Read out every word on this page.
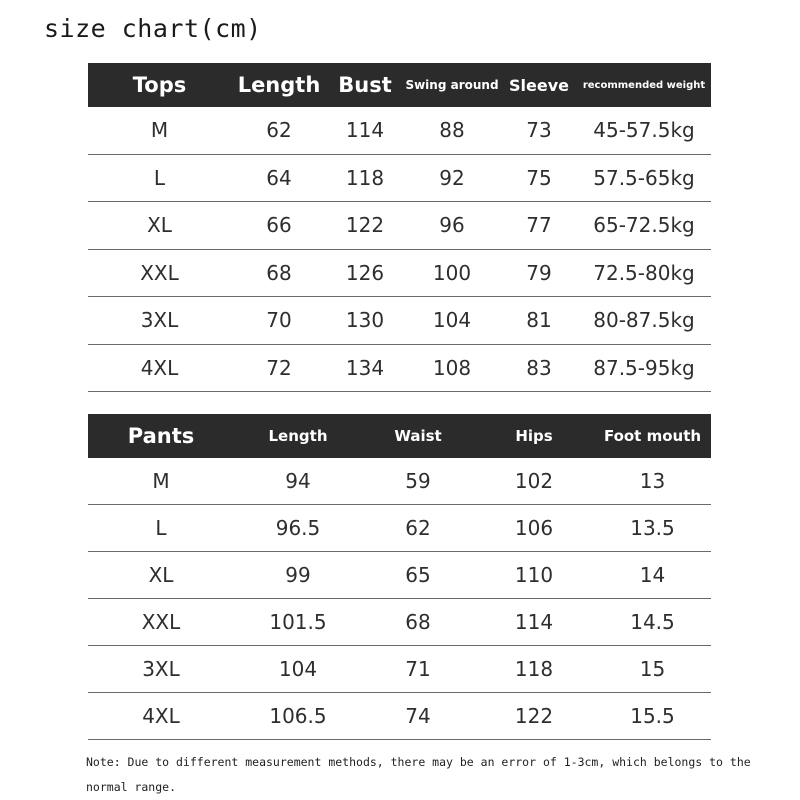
size chart(cm)
Tops	Length	Bust	Swing around	Sleeve	recommended weight
M	62	114	88	73	45-57.5kg
L	64	118	92	75	57.5-65kg
XL	66	122	96	77	65-72.5kg
XXL	68	126	100	79	72.5-80kg
3XL	70	130	104	81	80-87.5kg
4XL	72	134	108	83	87.5-95kg
Pants	Length	Waist	Hips	Foot mouth
M	94	59	102	13
L	96.5	62	106	13.5
XL	99	65	110	14
XXL	101.5	68	114	14.5
3XL	104	71	118	15
4XL	106.5	74	122	15.5
Note: Due to different measurement methods, there may be an error of 1-3cm, which belongs to the normal range.
